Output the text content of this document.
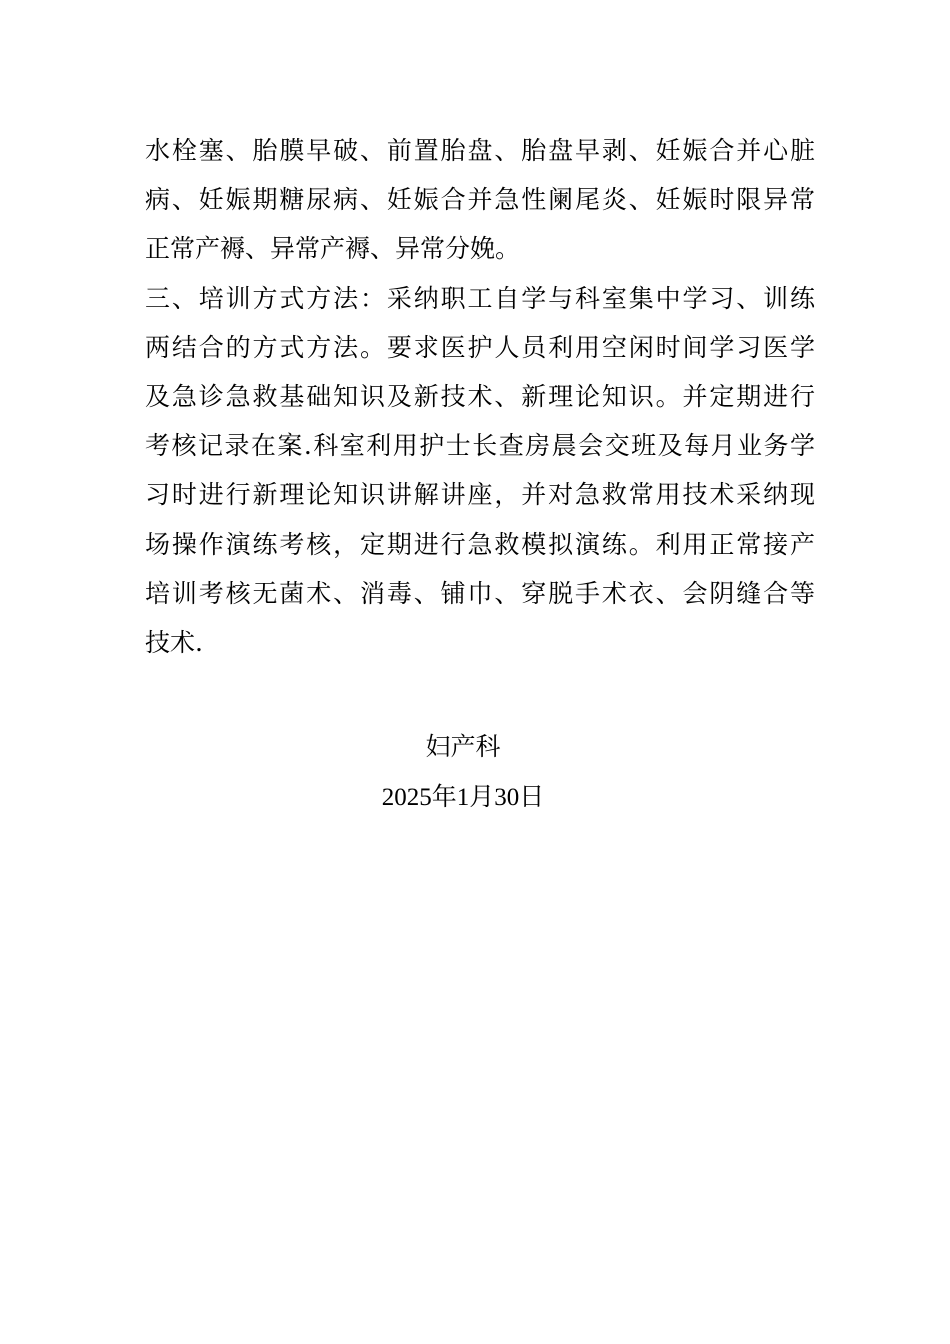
水栓塞、胎膜早破、前置胎盘、胎盘早剥、妊娠合并心脏
病、妊娠期糖尿病、妊娠合并急性阑尾炎、妊娠时限异常
正常产褥、异常产褥、异常分娩。
三、培训方式方法：采纳职工自学与科室集中学习、训练
两结合的方式方法。要求医护人员利用空闲时间学习医学
及急诊急救基础知识及新技术、新理论知识。并定期进行
考核记录在案.科室利用护士长查房晨会交班及每月业务学
习时进行新理论知识讲解讲座，并对急救常用技术采纳现
场操作演练考核，定期进行急救模拟演练。利用正常接产
培训考核无菌术、消毒、铺巾、穿脱手术衣、会阴缝合等
技术.
妇产科
2025年1月30日
